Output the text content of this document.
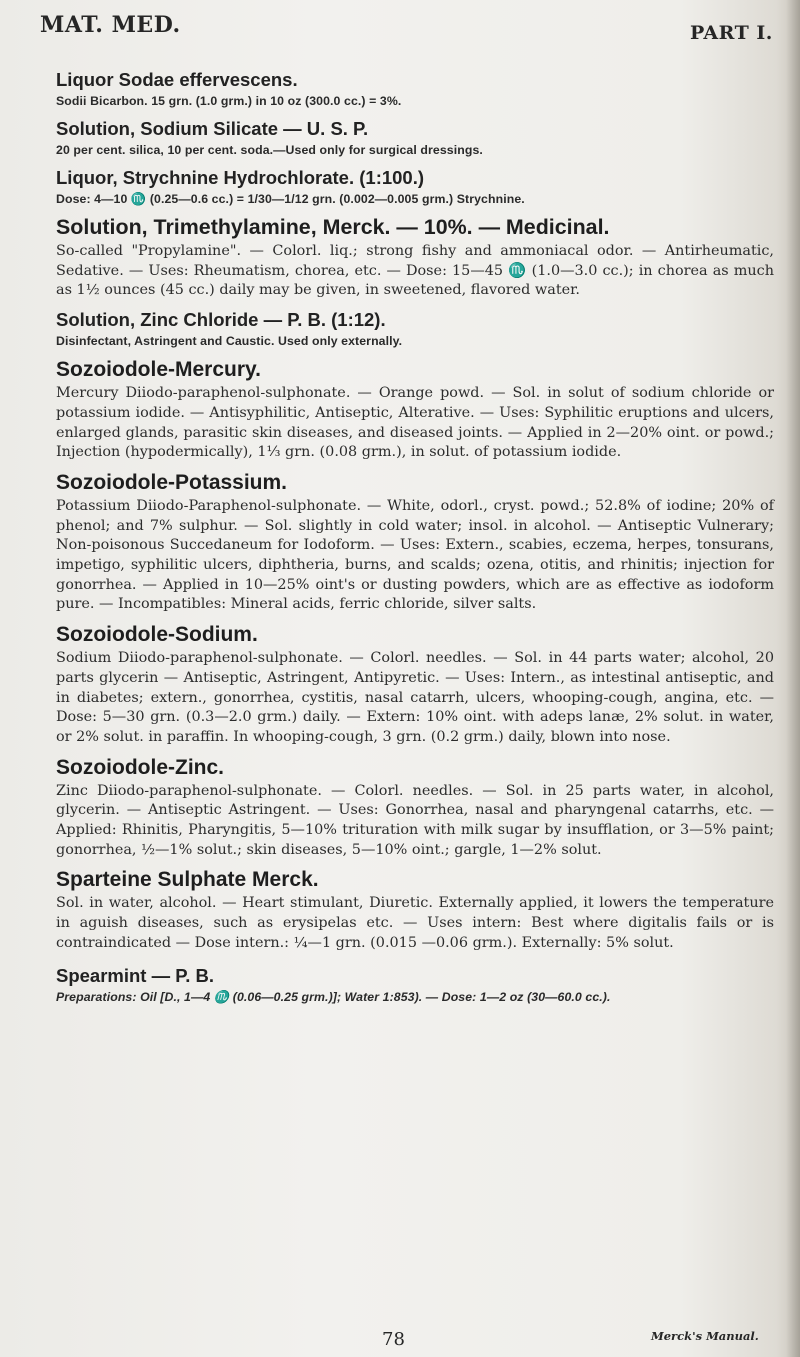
MAT. MED.	PART I.
Liquor Sodae effervescens.
Sodii Bicarbon. 15 grn. (1.0 grm.) in 10 oz (300.0 cc.) = 3%.
Solution, Sodium Silicate — U. S. P.
20 per cent. silica, 10 per cent. soda.—Used only for surgical dressings.
Liquor, Strychnine Hydrochlorate. (1:100.)
Dose: 4—10 ♏ (0.25—0.6 cc.) = 1/30—1/12 grn. (0.002—0.005 grm.) Strychnine.
Solution, Trimethylamine, Merck. — 10%. — Medicinal.
So-called "Propylamine". — Colorl. liq.; strong fishy and ammoniacal odor. — Antirheumatic, Sedative. — Uses: Rheumatism, chorea, etc. — Dose: 15—45 ♏ (1.0—3.0 cc.); in chorea as much as 1½ ounces (45 cc.) daily may be given, in sweetened, flavored water.
Solution, Zinc Chloride — P. B. (1:12).
Disinfectant, Astringent and Caustic. Used only externally.
Sozoiodole-Mercury.
Mercury Diiodo-paraphenol-sulphonate. — Orange powd. — Sol. in solut of sodium chloride or potassium iodide. — Antisyphilitic, Antiseptic, Alterative. — Uses: Syphilitic eruptions and ulcers, enlarged glands, parasitic skin diseases, and diseased joints. — Applied in 2—20% oint. or powd.; Injection (hypodermically), 1⅓ grn. (0.08 grm.), in solut. of potassium iodide.
Sozoiodole-Potassium.
Potassium Diiodo-Paraphenol-sulphonate. — White, odorl., cryst. powd.; 52.8% of iodine; 20% of phenol; and 7% sulphur. — Sol. slightly in cold water; insol. in alcohol. — Antiseptic Vulnerary; Non-poisonous Succedaneum for Iodoform. — Uses: Extern., scabies, eczema, herpes, tonsurans, impetigo, syphilitic ulcers, diphtheria, burns, and scalds; ozena, otitis, and rhinitis; injection for gonorrhea. — Applied in 10—25% oint's or dusting powders, which are as effective as iodoform pure. — Incompatibles: Mineral acids, ferric chloride, silver salts.
Sozoiodole-Sodium.
Sodium Diiodo-paraphenol-sulphonate. — Colorl. needles. — Sol. in 44 parts water; alcohol, 20 parts glycerin — Antiseptic, Astringent, Antipyretic. — Uses: Intern., as intestinal antiseptic, and in diabetes; extern., gonorrhea, cystitis, nasal catarrh, ulcers, whooping-cough, angina, etc. — Dose: 5—30 grn. (0.3—2.0 grm.) daily. — Extern: 10% oint. with adeps lanæ, 2% solut. in water, or 2% solut. in paraffin. In whooping-cough, 3 grn. (0.2 grm.) daily, blown into nose.
Sozoiodole-Zinc.
Zinc Diiodo-paraphenol-sulphonate. — Colorl. needles. — Sol. in 25 parts water, in alcohol, glycerin. — Antiseptic Astringent. — Uses: Gonorrhea, nasal and pharyngenal catarrhs, etc. — Applied: Rhinitis, Pharyngitis, 5—10% trituration with milk sugar by insufflation, or 3—5% paint; gonorrhea, ½—1% solut.; skin diseases, 5—10% oint.; gargle, 1—2% solut.
Sparteine Sulphate Merck.
Sol. in water, alcohol. — Heart stimulant, Diuretic. Externally applied, it lowers the temperature in aguish diseases, such as erysipelas etc. — Uses intern: Best where digitalis fails or is contraindicated — Dose intern.: ¼—1 grn. (0.015 —0.06 grm.). Externally: 5% solut.
Spearmint — P. B.
Preparations: Oil [D., 1—4 ♏ (0.06—0.25 grm.)]; Water 1:853). — Dose: 1—2 oz (30—60.0 cc.).
78	Merck's Manual.
